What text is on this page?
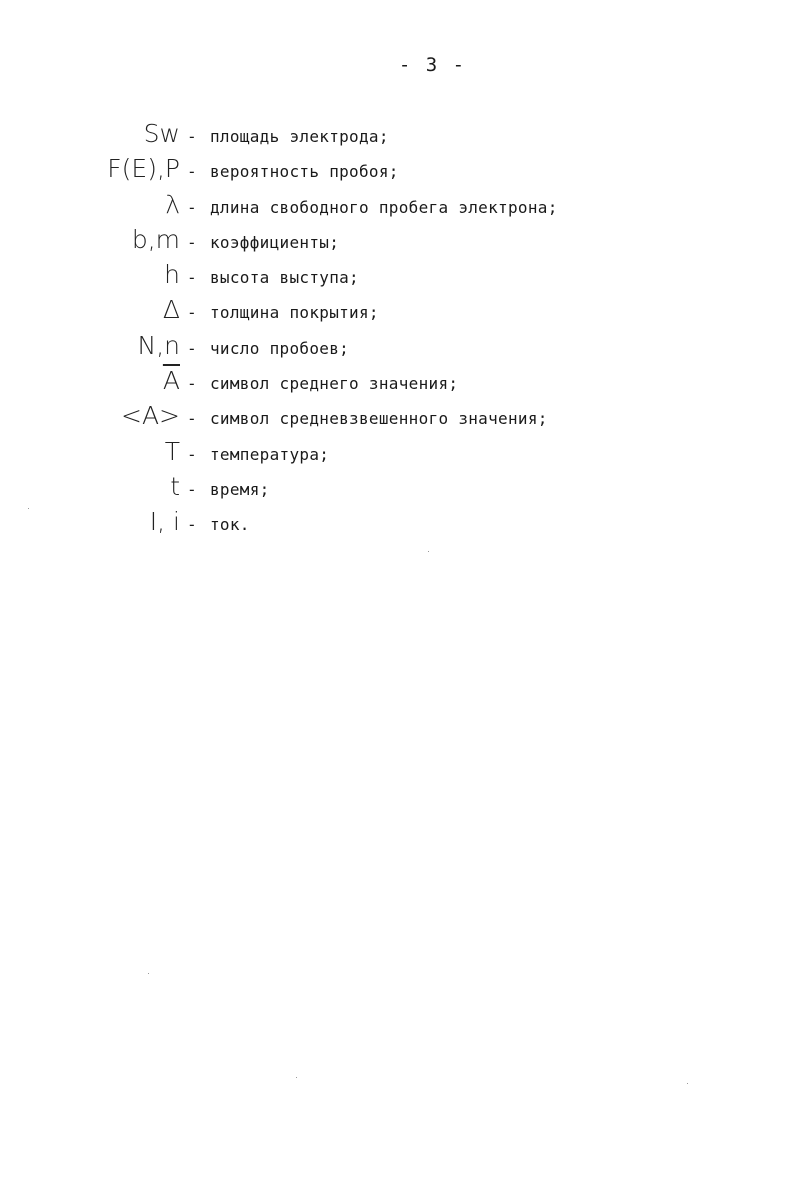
- 3 -
Sw - площадь электрода;
F(E),P - вероятность пробоя;
λ - длина свободного пробега электрона;
b,m - коэффициенты;
h - высота выступа;
Δ - толщина покрытия;
N,n - число пробоев;
$\overline{A}$ - символ среднего значения;
<A> - символ средневзвешенного значения;
T - температура;
t - время;
I, i - ток.
